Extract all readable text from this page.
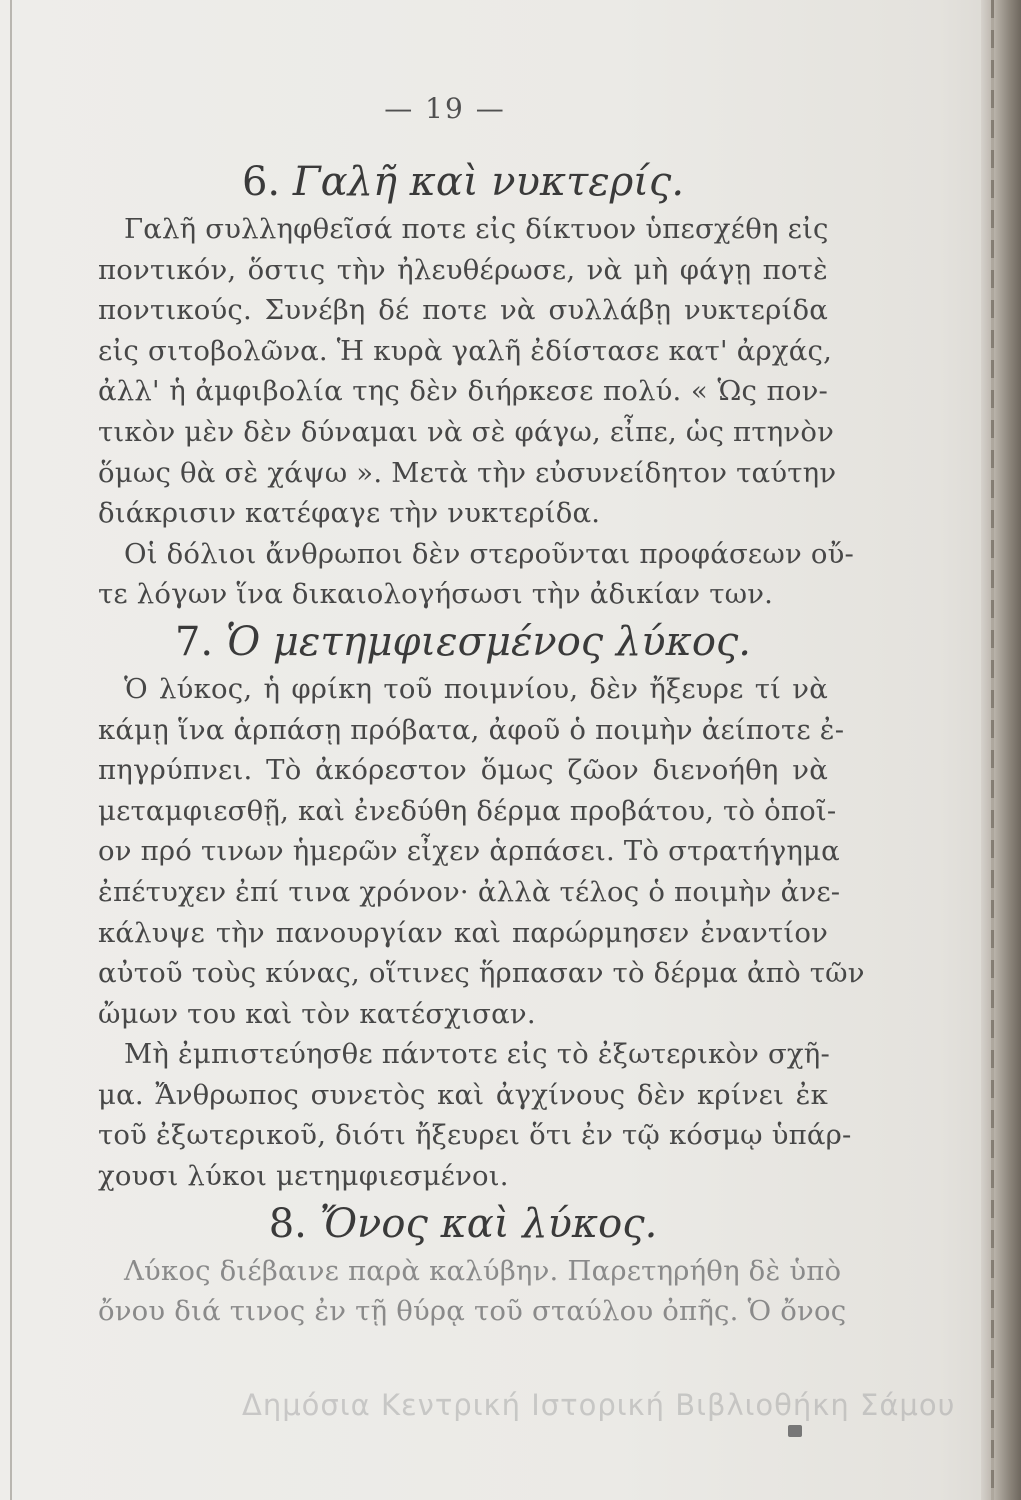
— 19 —
6. Γαλῆ καὶ νυκτερίς.
Γαλῆ συλληφθεῖσά ποτε εἰς δίκτυον ὑπεσχέθη εἰς
ποντικόν, ὅστις τὴν ἠλευθέρωσε, νὰ μὴ φάγῃ ποτὲ
ποντικούς. Συνέβη δέ ποτε νὰ συλλάβῃ νυκτερίδα
εἰς σιτοβολῶνα. Ἡ κυρὰ γαλῆ ἐδίστασε κατ' ἀρχάς,
ἀλλ' ἡ ἀμφιβολία της δὲν διήρκεσε πολύ. « Ὡς πον-
τικὸν μὲν δὲν δύναμαι νὰ σὲ φάγω, εἶπε, ὡς πτηνὸν
ὅμως θὰ σὲ χάψω ». Μετὰ τὴν εὐσυνείδητον ταύτην
διάκρισιν κατέφαγε τὴν νυκτερίδα.
Οἱ δόλιοι ἄνθρωποι δὲν στεροῦνται προφάσεων οὔ-
τε λόγων ἵνα δικαιολογήσωσι τὴν ἀδικίαν των.
7. Ὁ μετημφιεσμένος λύκος.
Ὁ λύκος, ἡ φρίκη τοῦ ποιμνίου, δὲν ἤξευρε τί νὰ
κάμῃ ἵνα ἁρπάσῃ πρόβατα, ἀφοῦ ὁ ποιμὴν ἀείποτε ἐ-
πηγρύπνει. Τὸ ἀκόρεστον ὅμως ζῶον διενοήθη νὰ
μεταμφιεσθῇ, καὶ ἐνεδύθη δέρμα προβάτου, τὸ ὁποῖ-
ον πρό τινων ἡμερῶν εἶχεν ἁρπάσει. Τὸ στρατήγημα
ἐπέτυχεν ἐπί τινα χρόνον· ἀλλὰ τέλος ὁ ποιμὴν ἀνε-
κάλυψε τὴν πανουργίαν καὶ παρώρμησεν ἐναντίον
αὐτοῦ τοὺς κύνας, οἵτινες ἥρπασαν τὸ δέρμα ἀπὸ τῶν
ὤμων του καὶ τὸν κατέσχισαν.
Μὴ ἐμπιστεύησθε πάντοτε εἰς τὸ ἐξωτερικὸν σχῆ-
μα. Ἄνθρωπος συνετὸς καὶ ἀγχίνους δὲν κρίνει ἐκ
τοῦ ἐξωτερικοῦ, διότι ἤξευρει ὅτι ἐν τῷ κόσμῳ ὑπάρ-
χουσι λύκοι μετημφιεσμένοι.
8. Ὄνος καὶ λύκος.
Λύκος διέβαινε παρὰ καλύβην. Παρετηρήθη δὲ ὑπὸ
ὄνου διά τινος ἐν τῇ θύρᾳ τοῦ σταύλου ὀπῆς. Ὁ ὄνος
Δημόσια Κεντρική Ιστορική Βιβλιοθήκη Σάμου
